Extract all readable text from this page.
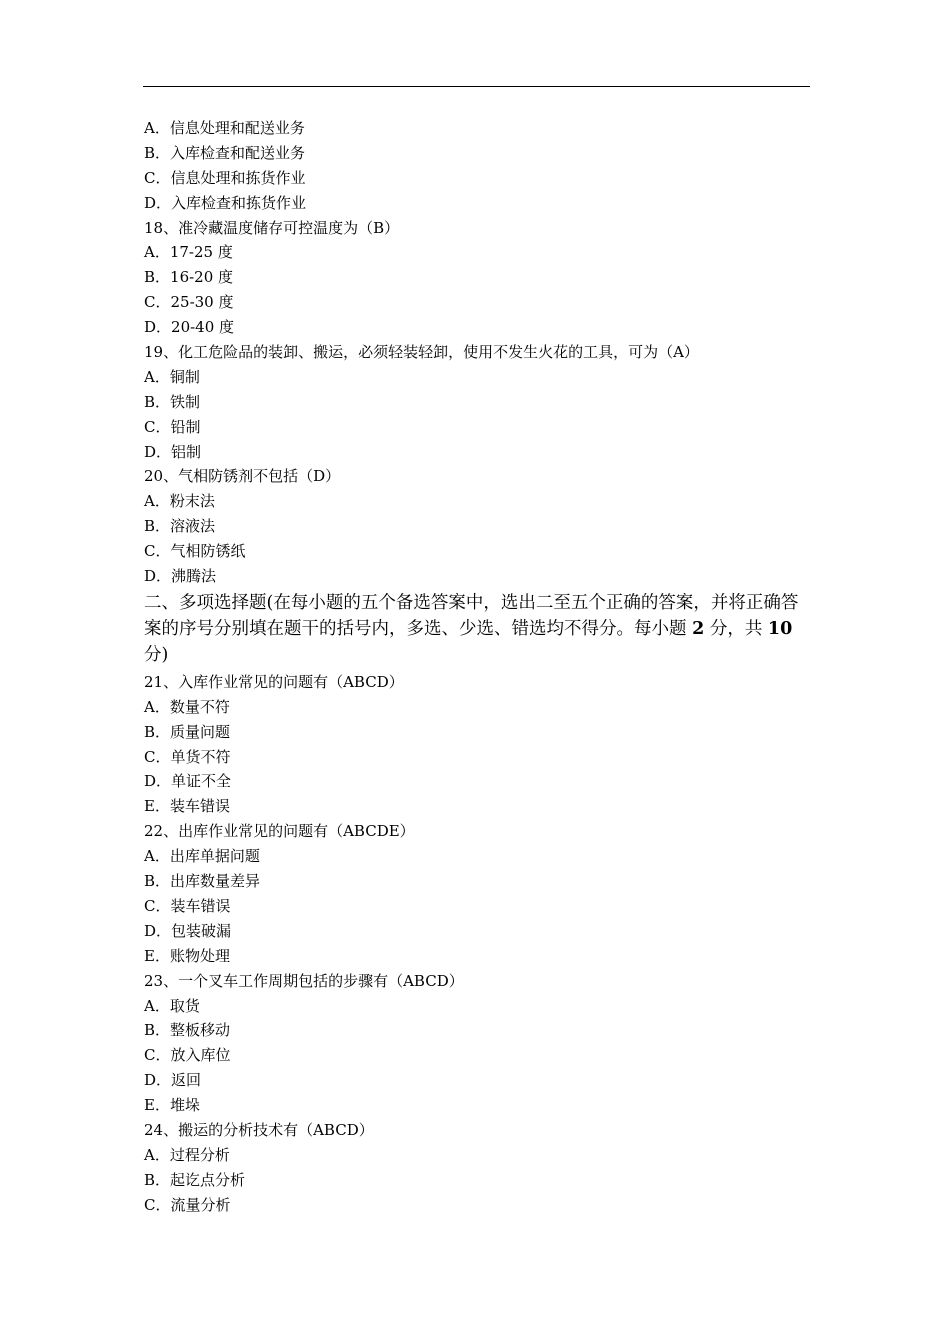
A．信息处理和配送业务
B．入库检查和配送业务
C．信息处理和拣货作业
D．入库检查和拣货作业
18、准冷藏温度储存可控温度为（B）
A．17-25 度
B．16-20 度
C．25-30 度
D．20-40 度
19、化工危险品的装卸、搬运，必须轻装轻卸，使用不发生火花的工具，可为（A）
A．铜制
B．铁制
C．铅制
D．铝制
20、气相防锈剂不包括（D）
A．粉末法
B．溶液法
C．气相防锈纸
D．沸腾法
二、多项选择题(在每小题的五个备选答案中，选出二至五个正确的答案，并将正确答案的序号分别填在题干的括号内，多选、少选、错选均不得分。每小题 2 分，共 10 分)
21、入库作业常见的问题有（ABCD）
A．数量不符
B．质量问题
C．单货不符
D．单证不全
E．装车错误
22、出库作业常见的问题有（ABCDE）
A．出库单据问题
B．出库数量差异
C．装车错误
D．包装破漏
E．账物处理
23、一个叉车工作周期包括的步骤有（ABCD）
A．取货
B．整板移动
C．放入库位
D．返回
E．堆垛
24、搬运的分析技术有（ABCD）
A．过程分析
B．起讫点分析
C．流量分析
